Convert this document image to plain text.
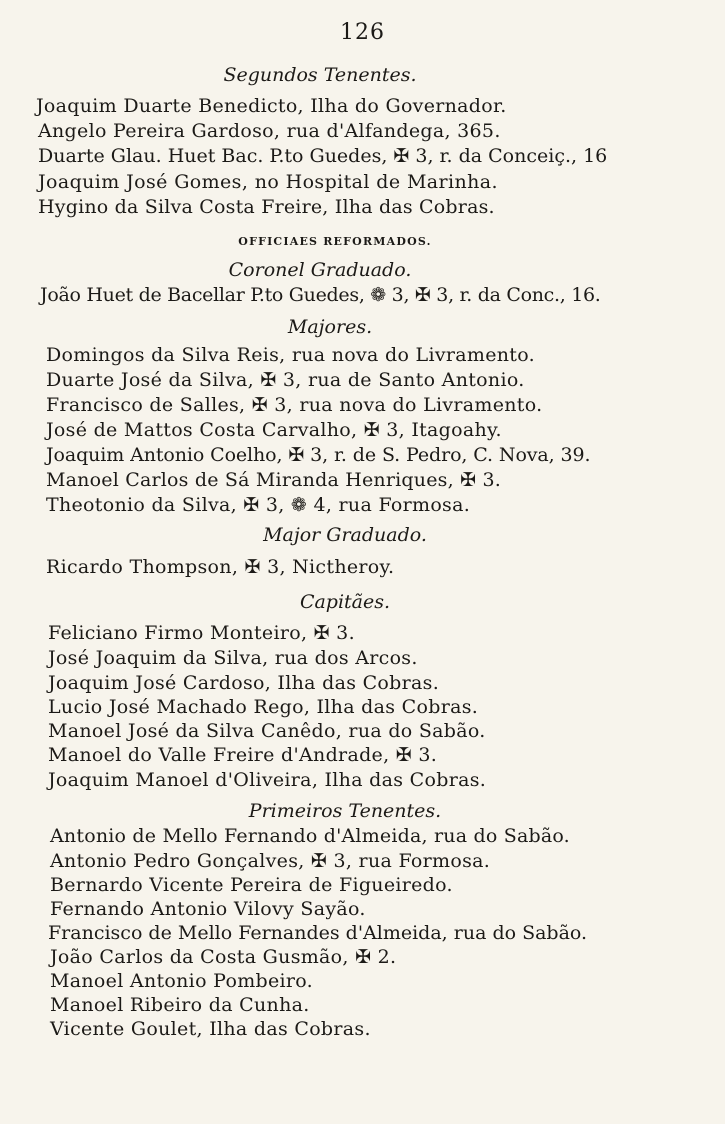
126
Segundos Tenentes.
Joaquim Duarte Benedicto, Ilha do Governador.
Angelo Pereira Gardoso, rua d'Alfandega, 365.
Duarte Glau. Huet Bac. P.to Guedes, ✠ 3, r. da Conceiç., 16
Joaquim José Gomes, no Hospital de Marinha.
Hygino da Silva Costa Freire, Ilha das Cobras.
OFFICIAES REFORMADOS.
Coronel Graduado.
João Huet de Bacellar P.to Guedes, ❁ 3, ✠ 3, r. da Conc., 16.
Majores.
Domingos da Silva Reis, rua nova do Livramento.
Duarte José da Silva, ✠ 3, rua de Santo Antonio.
Francisco de Salles, ✠ 3, rua nova do Livramento.
José de Mattos Costa Carvalho, ✠ 3, Itagoahy.
Joaquim Antonio Coelho, ✠ 3, r. de S. Pedro, C. Nova, 39.
Manoel Carlos de Sá Miranda Henriques, ✠ 3.
Theotonio da Silva, ✠ 3, ❁ 4, rua Formosa.
Major Graduado.
Ricardo Thompson, ✠ 3, Nictheroy.
Capitães.
Feliciano Firmo Monteiro, ✠ 3.
José Joaquim da Silva, rua dos Arcos.
Joaquim José Cardoso, Ilha das Cobras.
Lucio José Machado Rego, Ilha das Cobras.
Manoel José da Silva Canêdo, rua do Sabão.
Manoel do Valle Freire d'Andrade, ✠ 3.
Joaquim Manoel d'Oliveira, Ilha das Cobras.
Primeiros Tenentes.
Antonio de Mello Fernando d'Almeida, rua do Sabão.
Antonio Pedro Gonçalves, ✠ 3, rua Formosa.
Bernardo Vicente Pereira de Figueiredo.
Fernando Antonio Vilovy Sayão.
Francisco de Mello Fernandes d'Almeida, rua do Sabão.
João Carlos da Costa Gusmão, ✠ 2.
Manoel Antonio Pombeiro.
Manoel Ribeiro da Cunha.
Vicente Goulet, Ilha das Cobras.
